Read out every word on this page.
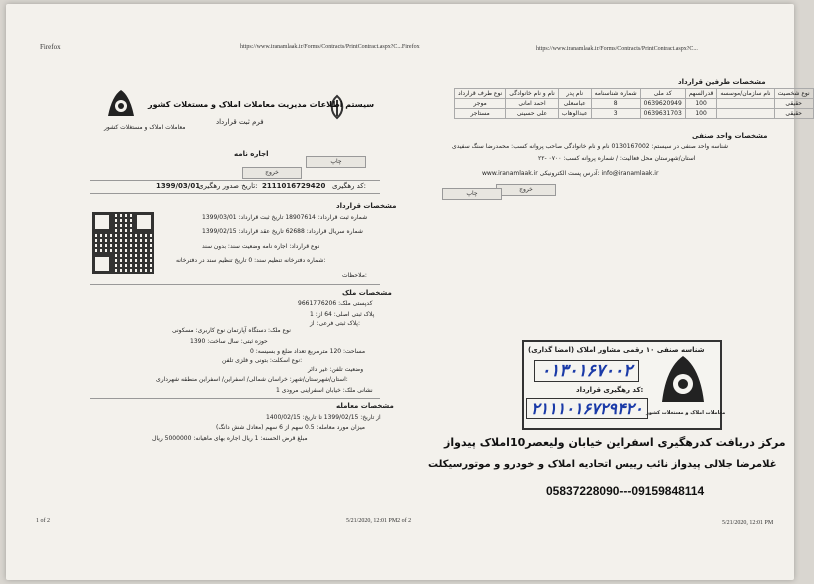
Firefox	https://www.iranamlaak.ir/Forms/Contracts/PrintContract.aspx?C...Firefox	https://www.iranamlaak.ir/Forms/Contracts/PrintContract.aspx?C...
معاملات املاک و مستغلات کشور
سیستم اطلاعات مدیریت معاملات املاک و مستغلات کشور
فرم ثبت قرارداد
اجاره نامه
چاپ
خروج
کد رهگیری:
2111016729420
تاریخ صدور رهگیری:
1399/03/01
مشخصات قرارداد
شماره ثبت قرارداد: 18907614 تاریخ ثبت قرارداد: 1399/03/01
شماره سریال قرارداد: 62688 تاریخ عقد قرارداد: 1399/02/15
نوع قرارداد: اجاره نامه وضعیت سند: بدون سند
شماره دفترخانه تنظیم سند: 0 تاریخ تنظیم سند در دفترخانه:
ملاحظات:
مشخصات ملک
کدپستی ملک: 9661776206
پلاک ثبتی اصلی: 64 از: 1
پلاک ثبتی فرعی: از:
نوع ملک: دستگاه آپارتمان نوع کاربری: مسکونی
حوزه ثبتی: سال ساخت: 1390
مساحت: 120 مترمربع تعداد ضلع و بسیسه: 0
نوع اسکلت: بتونی و فلزی تلفن:
وضعیت تلفن: غیر دائر
استان/شهرستان/شهر: خراسان شمالی/ اسفراین/ اسفراین منطقه شهرداری:
نشانی ملک: خیابان اسفراینی مرودی 1
مشخصات معامله
از تاریخ: 1399/02/15 تا تاریخ: 1400/02/15
میزان مورد معامله: 0.5 سهم از 6 سهم (معادل شش دانگ)
مبلغ قرض الحسنه: 1 ریال اجاره بهای ماهیانه: 5000000 ریال
مشخصات طرفین قرارداد
نوع طرف قرارداد	نام و نام خانوادگی	نام پدر	شماره شناسنامه	کد ملی	قدرالسهم	نام سازمان/موسسه	نوع شخصیت
موجر	احمد امانی	عباسعلی	8	0639620949	100		حقیقی
مستاجر	علی حسینی	عبدالوهاب	3	0639631703	100		حقیقی
مشخصات واحد صنفی
شناسه واحد صنفی در سیستم: 0130167002 نام و نام خانوادگی صاحب پروانه کسب: محمدرضا سنگ سفیدی
استان/شهرستان محل فعالیت: / شماره پروانه کسب: ۰۷۰۰ -۲۲
www.iranamlaak.ir آدرس پست الکترونیکی: info@iranamlaak.ir
خروج
چاپ
معاملات املاک و مستغلات کشور
شناسه صنفی ۱۰ رقمی مشاور املاک (امضا گذاری)
۰۱۳۰۱۶۷۰۰۲
کد رهگیری قرارداد:
۲۱۱۱۰۱۶۷۲۹۴۲۰
مرکز دریافت کدرهگیری اسفراین خیابان ولیعصر10املاک پیدواز
غلامرضا جلالی پیدواز نائب رییس اتحادیه املاک و خودرو و موتورسیکلت
05837228090---09159848114
1 of 2	5/21/2020, 12:01 PM2 of 2	5/21/2020, 12:01 PM
